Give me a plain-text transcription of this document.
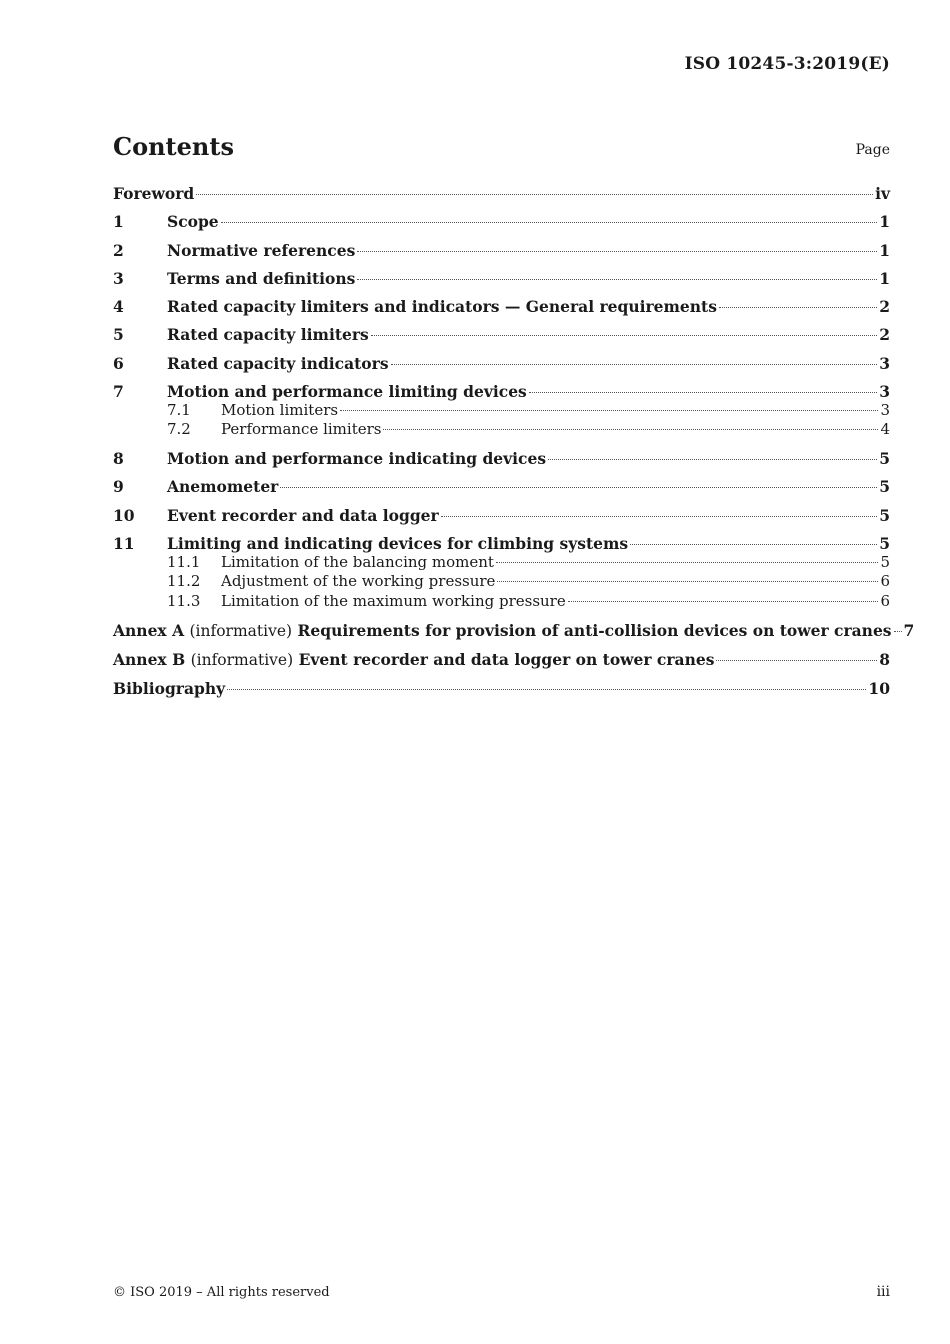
ISO 10245-3:2019(E)
Contents	Page
Foreword	iv
1	Scope	1
2	Normative references	1
3	Terms and definitions	1
4	Rated capacity limiters and indicators — General requirements	2
5	Rated capacity limiters	2
6	Rated capacity indicators	3
7	Motion and performance limiting devices	3
7.1	Motion limiters	3
7.2	Performance limiters	4
8	Motion and performance indicating devices	5
9	Anemometer	5
10	Event recorder and data logger	5
11	Limiting and indicating devices for climbing systems	5
11.1	Limitation of the balancing moment	5
11.2	Adjustment of the working pressure	6
11.3	Limitation of the maximum working pressure	6
Annex A (informative) Requirements for provision of anti-collision devices on tower cranes 7
Annex B (informative) Event recorder and data logger on tower cranes	8
Bibliography	10
© ISO 2019 – All rights reserved	iii
